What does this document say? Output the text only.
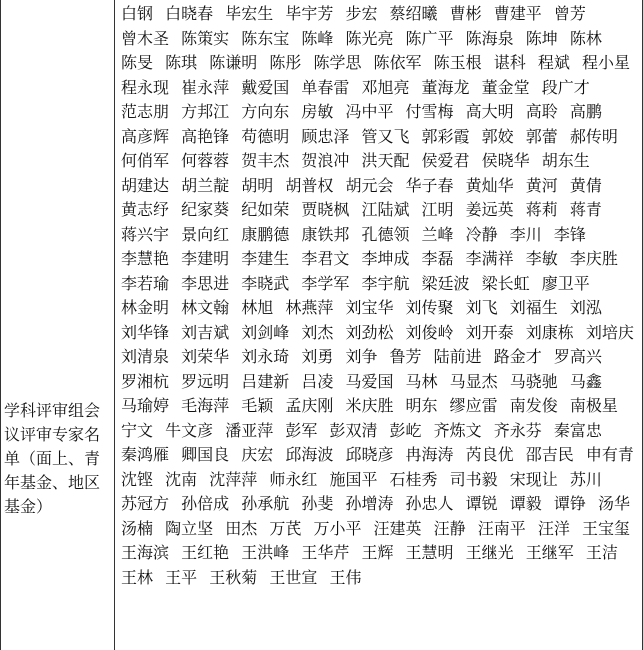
学科评审组会议评审专家名单（面上、青年基金、地区基金）

白钢 白晓春 毕宏生 毕宇芳 步宏 蔡绍曦 曹彬 曹建平 曾芳 曾木圣 陈策实 陈东宝 陈峰 陈光亮 陈广平 陈海泉 陈坤 陈林 陈旻 陈琪 陈谦明 陈彤 陈学思 陈依军 陈玉根 谌科 程斌 程小星 程永现 崔永萍 戴爱国 单春雷 邓旭亮 董海龙 董金堂 段广才 范志朋 方邦江 方向东 房敏 冯中平 付雪梅 高大明 高聆 高鹏 高彦辉 高艳锋 苟德明 顾忠泽 管又飞 郭彩霞 郭姣 郭蕾 郝传明 何俏军 何蓉蓉 贺丰杰 贺浪冲 洪天配 侯爱君 侯晓华 胡东生 胡建达 胡兰靛 胡明 胡普权 胡元会 华子春 黄灿华 黄河 黄倩 黄志纾 纪家葵 纪如荣 贾晓枫 江陆斌 江明 姜远英 蒋莉 蒋青 蒋兴宇 景向红 康鹏德 康铁邦 孔德领 兰峰 冷静 李川 李锋 李慧艳 李建明 李建生 李君文 李坤成 李磊 李满祥 李敏 李庆胜 李若瑜 李思进 李晓武 李学军 李宇航 梁廷波 梁长虹 廖卫平 林金明 林文翰 林旭 林燕萍 刘宝华 刘传聚 刘飞 刘福生 刘泓 刘华锋 刘吉斌 刘剑峰 刘杰 刘劲松 刘俊岭 刘开泰 刘康栋 刘培庆 刘清泉 刘荣华 刘永琦 刘勇 刘争 鲁芳 陆前进 路金才 罗高兴 罗湘杭 罗远明 吕建新 吕凌 马爱国 马林 马显杰 马骁驰 马鑫 马瑜婷 毛海萍 毛颖 孟庆刚 米庆胜 明东 缪应雷 南发俊 南极星 宁文 牛文彦 潘亚萍 彭军 彭双清 彭屹 齐炼文 齐永芬 秦富忠 秦鸿雁 卿国良 庆宏 邱海波 邱晓彦 冉海涛 芮良优 邵吉民 申有青 沈铿 沈南 沈萍萍 师永红 施国平 石桂秀 司书毅 宋现让 苏川 苏冠方 孙倍成 孙承航 孙斐 孙增涛 孙忠人 谭锐 谭毅 谭铮 汤华 汤楠 陶立坚 田杰 万芪 万小平 汪建英 汪静 汪南平 汪洋 王宝玺 王海滨 王红艳 王洪峰 王华芹 王辉 王慧明 王继光 王继军 王洁 王林 王平 王秋菊 王世宣 王伟
